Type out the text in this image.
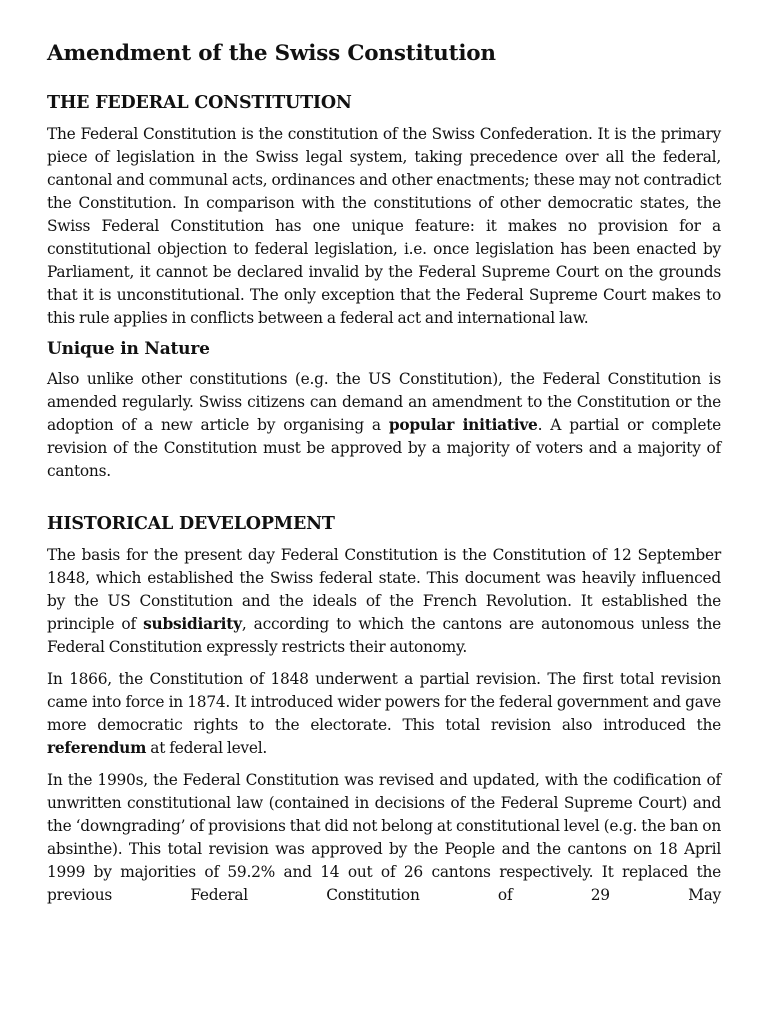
Amendment of the Swiss Constitution
THE FEDERAL CONSTITUTION

The Federal Constitution is the constitution of the Swiss Confederation. It is the primary piece of legislation in the Swiss legal system, taking precedence over all the federal, cantonal and communal acts, ordinances and other enactments; these may not contradict the Constitution. In comparison with the constitutions of other democratic states, the Swiss Federal Constitution has one unique feature: it makes no provision for a constitutional objection to federal legislation, i.e. once legislation has been enacted by Parliament, it cannot be declared invalid by the Federal Supreme Court on the grounds that it is unconstitutional. The only exception that the Federal Supreme Court makes to this rule applies in conflicts between a federal act and international law.

Unique in Nature

Also unlike other constitutions (e.g. the US Constitution), the Federal Constitution is amended regularly. Swiss citizens can demand an amendment to the Constitution or the adoption of a new article by organising a popular initiative. A partial or complete revision of the Constitution must be approved by a majority of voters and a majority of cantons.

HISTORICAL DEVELOPMENT

The basis for the present day Federal Constitution is the Constitution of 12 September 1848, which established the Swiss federal state. This document was heavily influenced by the US Constitution and the ideals of the French Revolution. It established the principle of subsidiarity, according to which the cantons are autonomous unless the Federal Constitution expressly restricts their autonomy.

In 1866, the Constitution of 1848 underwent a partial revision. The first total revision came into force in 1874. It introduced wider powers for the federal government and gave more democratic rights to the electorate. This total revision also introduced the referendum at federal level.

In the 1990s, the Federal Constitution was revised and updated, with the codification of unwritten constitutional law (contained in decisions of the Federal Supreme Court) and the ‘downgrading’ of provisions that did not belong at constitutional level (e.g. the ban on absinthe). This total revision was approved by the People and the cantons on 18 April 1999 by majorities of 59.2% and 14 out of 26 cantons respectively. It replaced the previous Federal Constitution of 29 May
